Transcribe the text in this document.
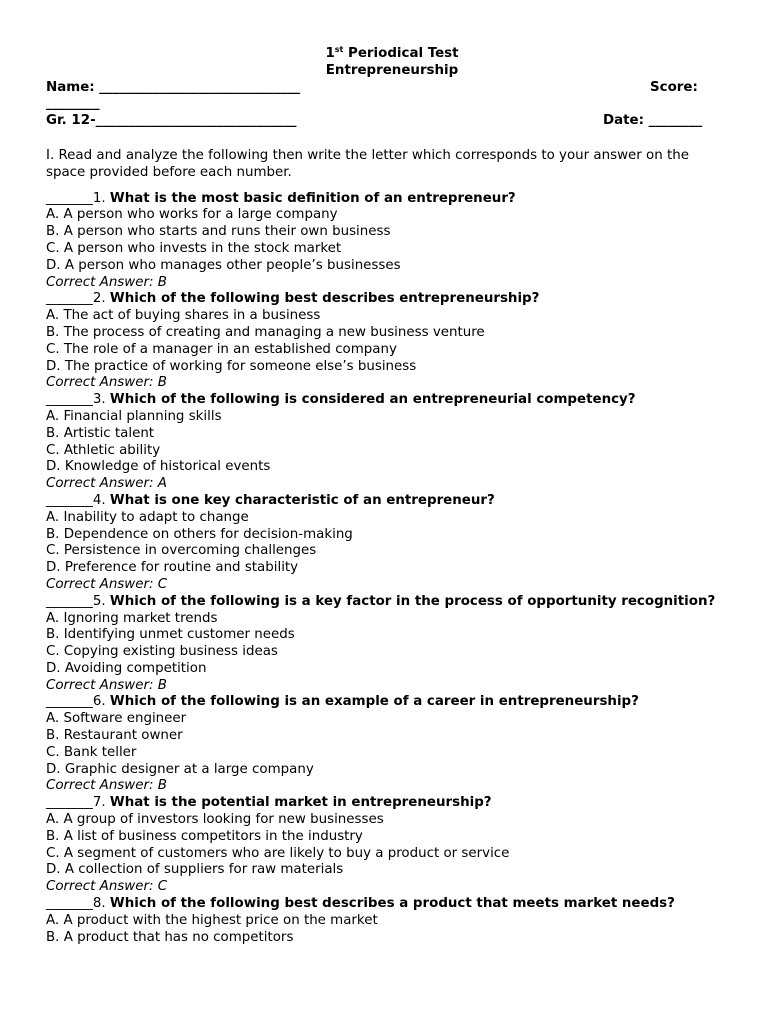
1st Periodical Test
Entrepreneurship
Name: ______________________________	Score:
________
Gr. 12-______________________________	Date: ________
I. Read and analyze the following then write the letter which corresponds to your answer on the space provided before each number.
_______1. What is the most basic definition of an entrepreneur?
A. A person who works for a large company
B. A person who starts and runs their own business
C. A person who invests in the stock market
D. A person who manages other people’s businesses
Correct Answer: B
_______2. Which of the following best describes entrepreneurship?
A. The act of buying shares in a business
B. The process of creating and managing a new business venture
C. The role of a manager in an established company
D. The practice of working for someone else’s business
Correct Answer: B
_______3. Which of the following is considered an entrepreneurial competency?
A. Financial planning skills
B. Artistic talent
C. Athletic ability
D. Knowledge of historical events
Correct Answer: A
_______4. What is one key characteristic of an entrepreneur?
A. Inability to adapt to change
B. Dependence on others for decision-making
C. Persistence in overcoming challenges
D. Preference for routine and stability
Correct Answer: C
_______5. Which of the following is a key factor in the process of opportunity recognition?
A. Ignoring market trends
B. Identifying unmet customer needs
C. Copying existing business ideas
D. Avoiding competition
Correct Answer: B
_______6. Which of the following is an example of a career in entrepreneurship?
A. Software engineer
B. Restaurant owner
C. Bank teller
D. Graphic designer at a large company
Correct Answer: B
_______7. What is the potential market in entrepreneurship?
A. A group of investors looking for new businesses
B. A list of business competitors in the industry
C. A segment of customers who are likely to buy a product or service
D. A collection of suppliers for raw materials
Correct Answer: C
_______8. Which of the following best describes a product that meets market needs?
A. A product with the highest price on the market
B. A product that has no competitors
